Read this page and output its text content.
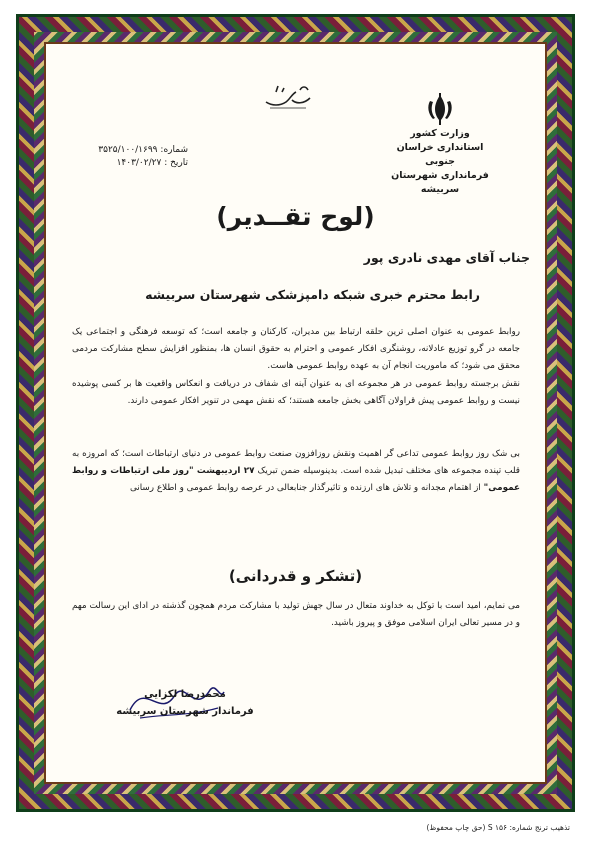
وزارت کشور
استانداری خراسان جنوبی
فرمانداری شهرستان سربیشه
شماره: ۳۵۲۵/۱۰۰/۱۶۹۹
تاریخ : ۱۴۰۳/۰۲/۲۷
(لوح تقــدیر)
جناب آقای مهدی نادری پور
رابط محترم خبری شبکه دامپزشکی شهرستان سربیشه
روابط عمومی به عنوان اصلی ترین حلقه ارتباط بین مدیران، کارکنان و جامعه است؛ که توسعه فرهنگی و اجتماعی یک جامعه در گرو توزیع عادلانه، روشنگری افکار عمومی و احترام به حقوق انسان ها، بمنظور افزایش سطح مشارکت مردمی محقق می شود؛ که ماموریت انجام آن به عهده روابط عمومی هاست.
نقش برجسته روابط عمومی در هر مجموعه ای به عنوان آینه ای شفاف در دریافت و انعکاس واقعیت ها بر کسی پوشیده نیست و روابط عمومی پیش قراولان آگاهی بخش جامعه هستند؛ که نقش مهمی در تنویر افکار عمومی دارند.
بی شک روز روابط عمومی تداعی گر اهمیت ونقش روزافزون صنعت روابط عمومی در دنیای ارتباطات است؛ که امروزه به قلب تپنده مجموعه های مختلف تبدیل شده است. بدینوسیله ضمن تبریک ۲۷ اردیبهشت "روز ملی ارتباطات و روابط عمومی" از اهتمام مجدانه و تلاش های ارزنده و تاثیرگذار جنابعالی در عرصه روابط عمومی و اطلاع رسانی
(تشکر و قدردانی)
می نمایم، امید است با توکل به خداوند متعال در سال جهش تولید با مشارکت مردم همچون گذشته در ادای این رسالت مهم و در مسیر تعالی ایران اسلامی موفق و پیروز باشید.
محمدرضا لکزایی
فرماندار شهرستان سربیشه
تذهیب ترنج شماره: ۱۵۶ S (حق چاپ محفوظ)
